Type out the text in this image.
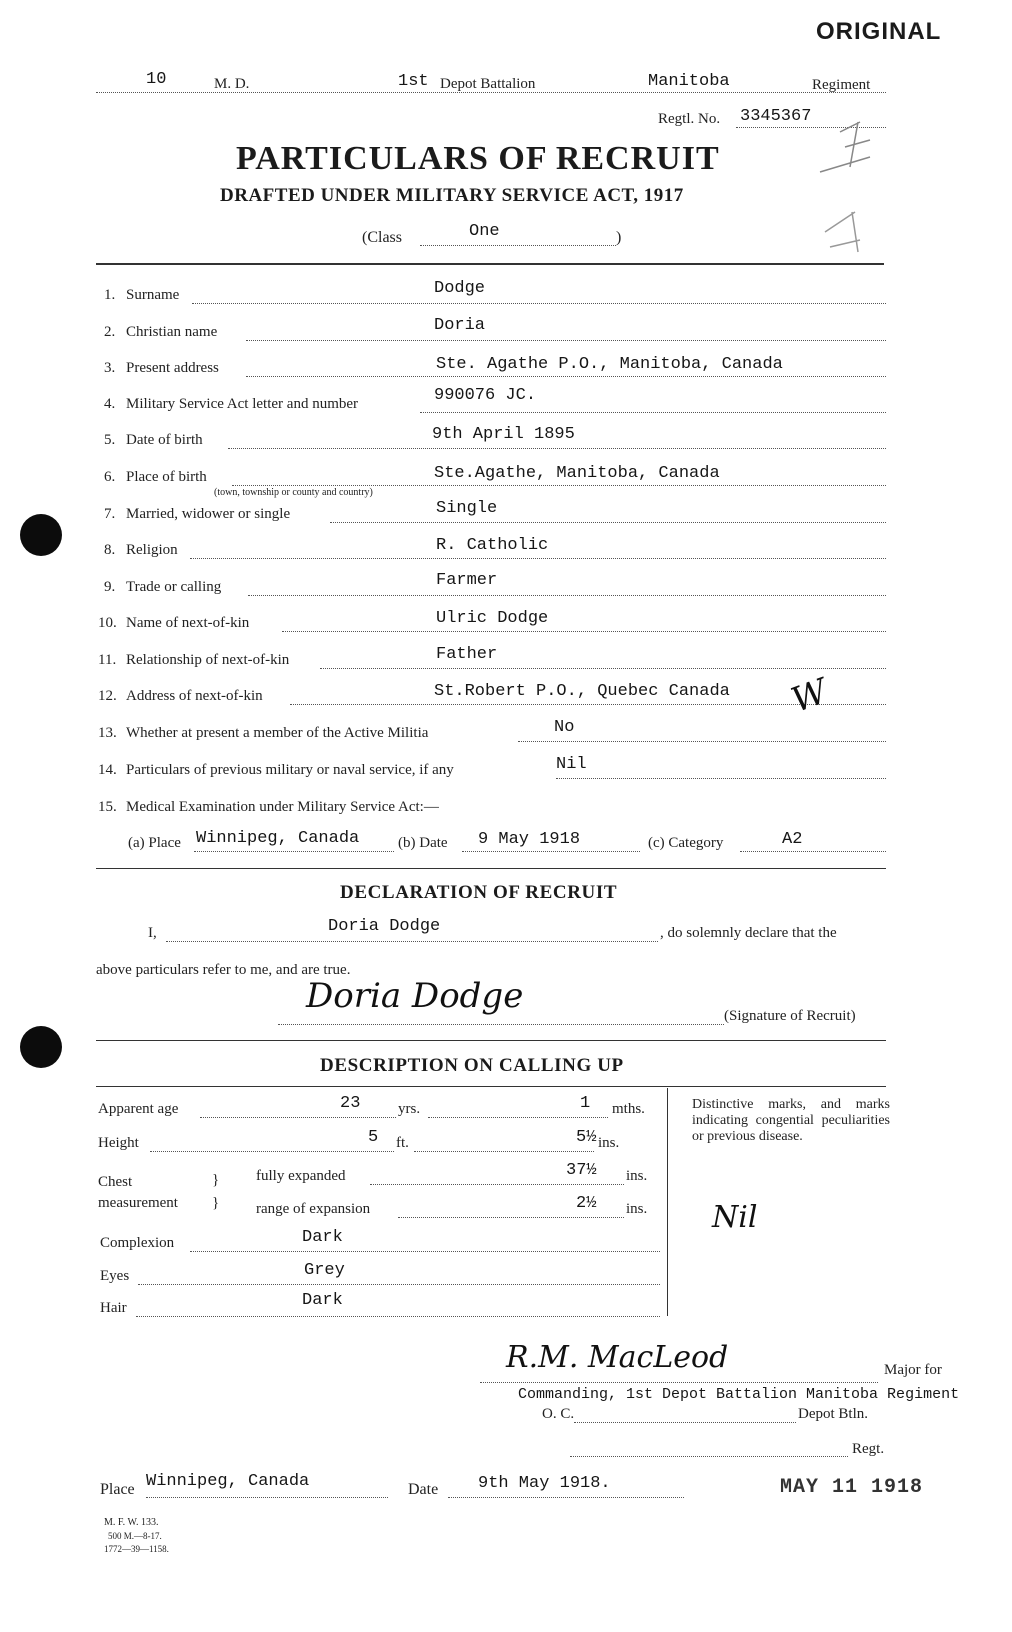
ORIGINAL
10	M. D.	1st Depot Battalion	Manitoba	Regiment
Regtl. No. 3345367
PARTICULARS OF RECRUIT
DRAFTED UNDER MILITARY SERVICE ACT, 1917
(Class	One	)
1. Surname	Dodge
2. Christian name	Doria
3. Present address	Ste. Agathe P.O., Manitoba, Canada
4. Military Service Act letter and number	990076 JC.
5. Date of birth	9th April 1895
6. Place of birth	Ste.Agathe, Manitoba, Canada
(town, township or county and country)
7. Married, widower or single	Single
8. Religion	R. Catholic
9. Trade or calling	Farmer
10. Name of next-of-kin	Ulric Dodge
11. Relationship of next-of-kin	Father
12. Address of next-of-kin	St.Robert P.O., Quebec Canada
13. Whether at present a member of the Active Militia	No
14. Particulars of previous military or naval service, if any	Nil
15. Medical Examination under Military Service Act:—
W
(a) Place Winnipeg, Canada	(b) Date 9 May 1918	(c) Category	A2
DECLARATION OF RECRUIT
I,	Doria Dodge	, do solemnly declare that the
above particulars refer to me, and are true.
Doria Dodge	(Signature of Recruit)
DESCRIPTION ON CALLING UP
Apparent age	23	yrs.	1 mths.
Height	5 ft.	5½ ins.
Chest
measurement
}
}
fully expanded	37½ ins.
range of expansion	2½ ins.
Complexion	Dark
Eyes	Grey
Hair	Dark
Distinctive marks, and marks indicating congential peculiarities or previous disease.
Nil
R.M. MacLeod	Major for
Commanding, 1st Depot Battalion Manitoba Regiment
O. C.	Depot Btln.
Regt.
Place Winnipeg, Canada	Date 9th May 1918.	MAY 11 1918
M. F. W. 133.
500 M.—8-17.
1772—39—1158.
